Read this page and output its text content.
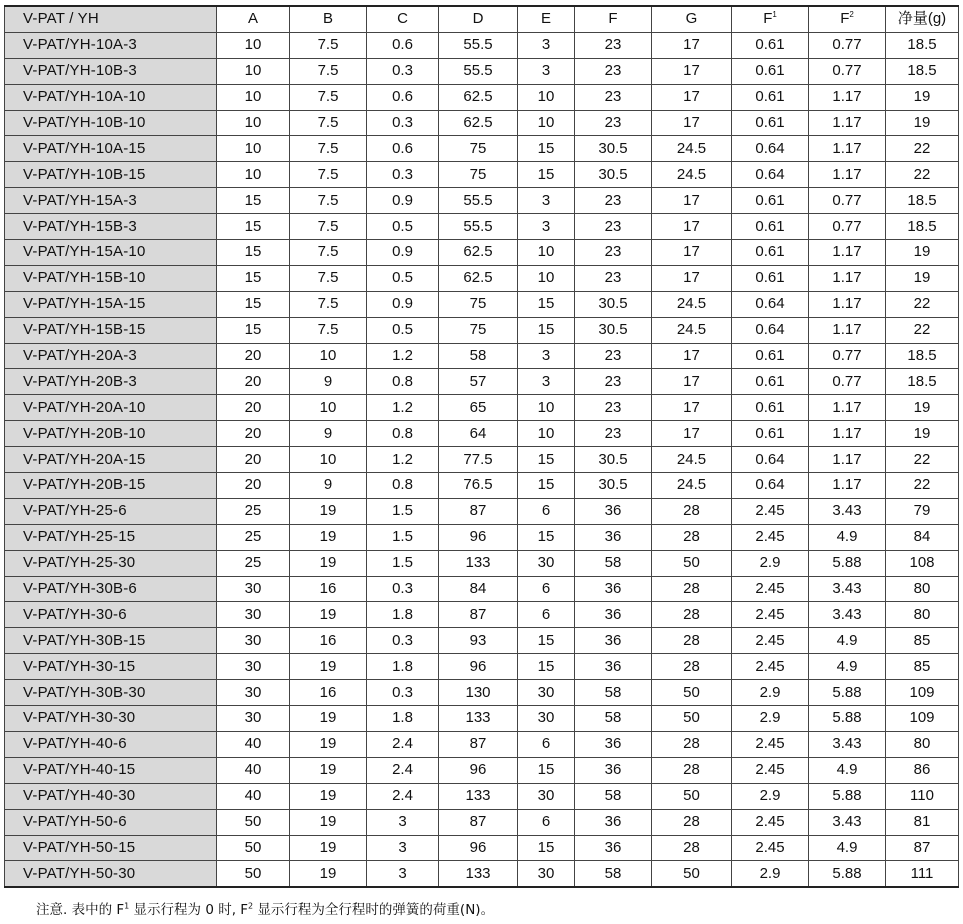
V-PAT / YH	A	B	C	D	E	F	G	$F^1$	$F^2$	净量(g)
V-PAT/YH-10A-3	10	7.5	0.6	55.5	3	23	17	0.61	0.77	18.5
V-PAT/YH-10B-3	10	7.5	0.3	55.5	3	23	17	0.61	0.77	18.5
V-PAT/YH-10A-10	10	7.5	0.6	62.5	10	23	17	0.61	1.17	19
V-PAT/YH-10B-10	10	7.5	0.3	62.5	10	23	17	0.61	1.17	19
V-PAT/YH-10A-15	10	7.5	0.6	75	15	30.5	24.5	0.64	1.17	22
V-PAT/YH-10B-15	10	7.5	0.3	75	15	30.5	24.5	0.64	1.17	22
V-PAT/YH-15A-3	15	7.5	0.9	55.5	3	23	17	0.61	0.77	18.5
V-PAT/YH-15B-3	15	7.5	0.5	55.5	3	23	17	0.61	0.77	18.5
V-PAT/YH-15A-10	15	7.5	0.9	62.5	10	23	17	0.61	1.17	19
V-PAT/YH-15B-10	15	7.5	0.5	62.5	10	23	17	0.61	1.17	19
V-PAT/YH-15A-15	15	7.5	0.9	75	15	30.5	24.5	0.64	1.17	22
V-PAT/YH-15B-15	15	7.5	0.5	75	15	30.5	24.5	0.64	1.17	22
V-PAT/YH-20A-3	20	10	1.2	58	3	23	17	0.61	0.77	18.5
V-PAT/YH-20B-3	20	9	0.8	57	3	23	17	0.61	0.77	18.5
V-PAT/YH-20A-10	20	10	1.2	65	10	23	17	0.61	1.17	19
V-PAT/YH-20B-10	20	9	0.8	64	10	23	17	0.61	1.17	19
V-PAT/YH-20A-15	20	10	1.2	77.5	15	30.5	24.5	0.64	1.17	22
V-PAT/YH-20B-15	20	9	0.8	76.5	15	30.5	24.5	0.64	1.17	22
V-PAT/YH-25-6	25	19	1.5	87	6	36	28	2.45	3.43	79
V-PAT/YH-25-15	25	19	1.5	96	15	36	28	2.45	4.9	84
V-PAT/YH-25-30	25	19	1.5	133	30	58	50	2.9	5.88	108
V-PAT/YH-30B-6	30	16	0.3	84	6	36	28	2.45	3.43	80
V-PAT/YH-30-6	30	19	1.8	87	6	36	28	2.45	3.43	80
V-PAT/YH-30B-15	30	16	0.3	93	15	36	28	2.45	4.9	85
V-PAT/YH-30-15	30	19	1.8	96	15	36	28	2.45	4.9	85
V-PAT/YH-30B-30	30	16	0.3	130	30	58	50	2.9	5.88	109
V-PAT/YH-30-30	30	19	1.8	133	30	58	50	2.9	5.88	109
V-PAT/YH-40-6	40	19	2.4	87	6	36	28	2.45	3.43	80
V-PAT/YH-40-15	40	19	2.4	96	15	36	28	2.45	4.9	86
V-PAT/YH-40-30	40	19	2.4	133	30	58	50	2.9	5.88	110
V-PAT/YH-50-6	50	19	3	87	6	36	28	2.45	3.43	81
V-PAT/YH-50-15	50	19	3	96	15	36	28	2.45	4.9	87
V-PAT/YH-50-30	50	19	3	133	30	58	50	2.9	5.88	111
注意. 表中的 $F^1$ 显示行程为 0 时, $F^2$ 显示行程为全行程时的弹簧的荷重(N)。
